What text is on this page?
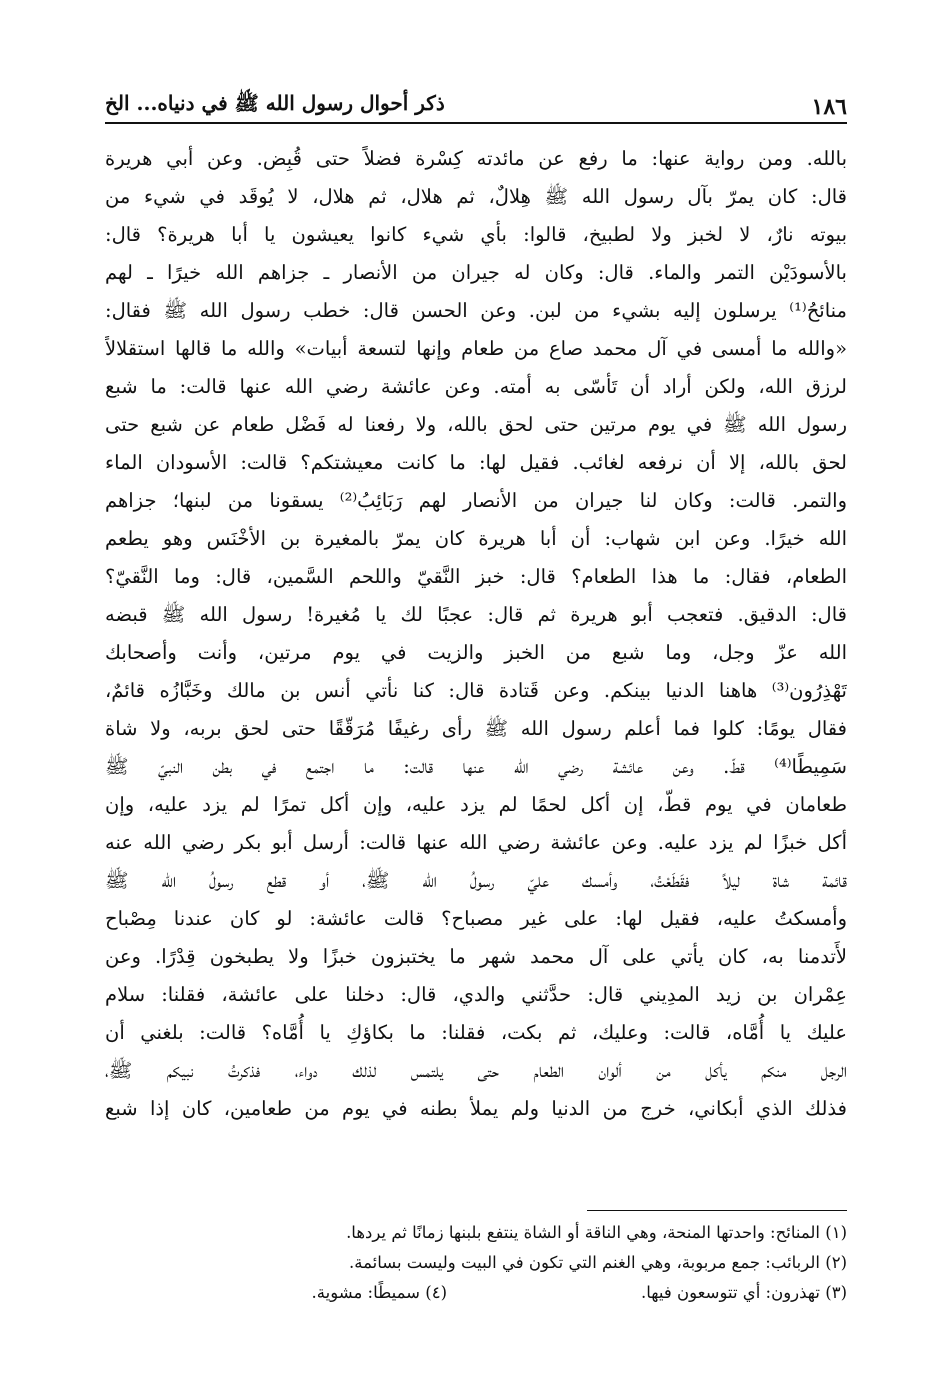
١٨٦
ذكر أحوال رسول الله ﷺ في دنياه... الخ
بالله. ومن رواية عنها: ما رفع عن مائدته كِسْرة فضلاً حتى قُبِض. وعن أبي هريرة
قال: كان يمرّ بآل رسول الله ﷺ هِلالٌ، ثم هلال، ثم هلال، لا يُوقَد في شيء من
بيوته نارٌ، لا لخبز ولا لطبيخ، قالوا: بأي شيء كانوا يعيشون يا أبا هريرة؟ قال:
بالأسودَيْن التمر والماء. قال: وكان له جيران من الأنصار ـ جزاهم الله خيرًا ـ لهم
منائحُ⁽¹⁾ يرسلون إليه بشيء من لبن. وعن الحسن قال: خطب رسول الله ﷺ فقال:
«والله ما أمسى في آل محمد صاع من طعام وإنها لتسعة أبيات» والله ما قالها استقلالاً
لرزق الله، ولكن أراد أن تَأسّى به أمته. وعن عائشة رضي الله عنها قالت: ما شبع
رسول الله ﷺ في يوم مرتين حتى لحق بالله، ولا رفعنا له فَضْل طعام عن شبع حتى
لحق بالله، إلا أن نرفعه لغائب. فقيل لها: ما كانت معيشتكم؟ قالت: الأسودان الماء
والتمر. قالت: وكان لنا جيران من الأنصار لهم رَبَائِبُ⁽²⁾ يسقونا من لبنها؛ جزاهم
الله خيرًا. وعن ابن شهاب: أن أبا هريرة كان يمرّ بالمغيرة بن الأخْنَس وهو يطعم
الطعام، فقال: ما هذا الطعام؟ قال: خبز النَّقيّ واللحم السَّمين، قال: وما النَّقيّ؟
قال: الدقيق. فتعجب أبو هريرة ثم قال: عجبًا لك يا مُغيرة! رسول الله ﷺ قبضه
الله عزّ وجل، وما شبع من الخبز والزيت في يوم مرتين، وأنت وأصحابك
تَهْذِرُون⁽³⁾ هاهنا الدنيا بينكم. وعن قَتادة قال: كنا نأتي أنس بن مالك وخَبَّازُه قائمٌ،
فقال يومًا: كلوا فما أعلم رسول الله ﷺ رأى رغيفًا مُرَقّقًا حتى لحق بربه، ولا شاة
سَمِيطًا⁽⁴⁾ قطّ. وعن عائشة رضي الله عنها قالت: ما اجتمع في بطن النبيّ ﷺ
طعامان في يوم قطّ، إن أكل لحمًا لم يزد عليه، وإن أكل تمرًا لم يزد عليه، وإن
أكل خبزًا لم يزد عليه. وعن عائشة رضي الله عنها قالت: أرسل أبو بكر رضي الله عنه
قائمة شاة ليلاً فقَطَعْتُ، وأمسك عليّ رسولُ الله ﷺ، أو قطع رسولُ الله ﷺ
وأمسكتُ عليه، فقيل لها: على غير مصباح؟ قالت عائشة: لو كان عندنا مِصْباح
لأَتدمنا به، كان يأتي على آل محمد شهر ما يختبزون خبزًا ولا يطبخون قِدْرًا. وعن
عِمْران بن زيد المدِيني قال: حدَّثني والدي، قال: دخلنا على عائشة، فقلنا: سلام
عليك يا أُمَّاه، قالت: وعليك، ثم بكت، فقلنا: ما بكاؤكِ يا أُمَّاه؟ قالت: بلغني أن
الرجل منكم يأكل من ألوان الطعام حتى يلتمس لذلك دواء، فذكرتُ نبيكم ﷺ،
فذلك الذي أبكاني، خرج من الدنيا ولم يملأ بطنه في يوم من طعامين، كان إذا شبع
(١) المنائح: واحدتها المنحة، وهي الناقة أو الشاة ينتفع بلبنها زمانًا ثم يردها.
(٢) الربائب: جمع مربوبة، وهي الغنم التي تكون في البيت وليست بسائمة.
(٣) تهذرون: أي تتوسعون فيها.
(٤) سميطًا: مشوية.
